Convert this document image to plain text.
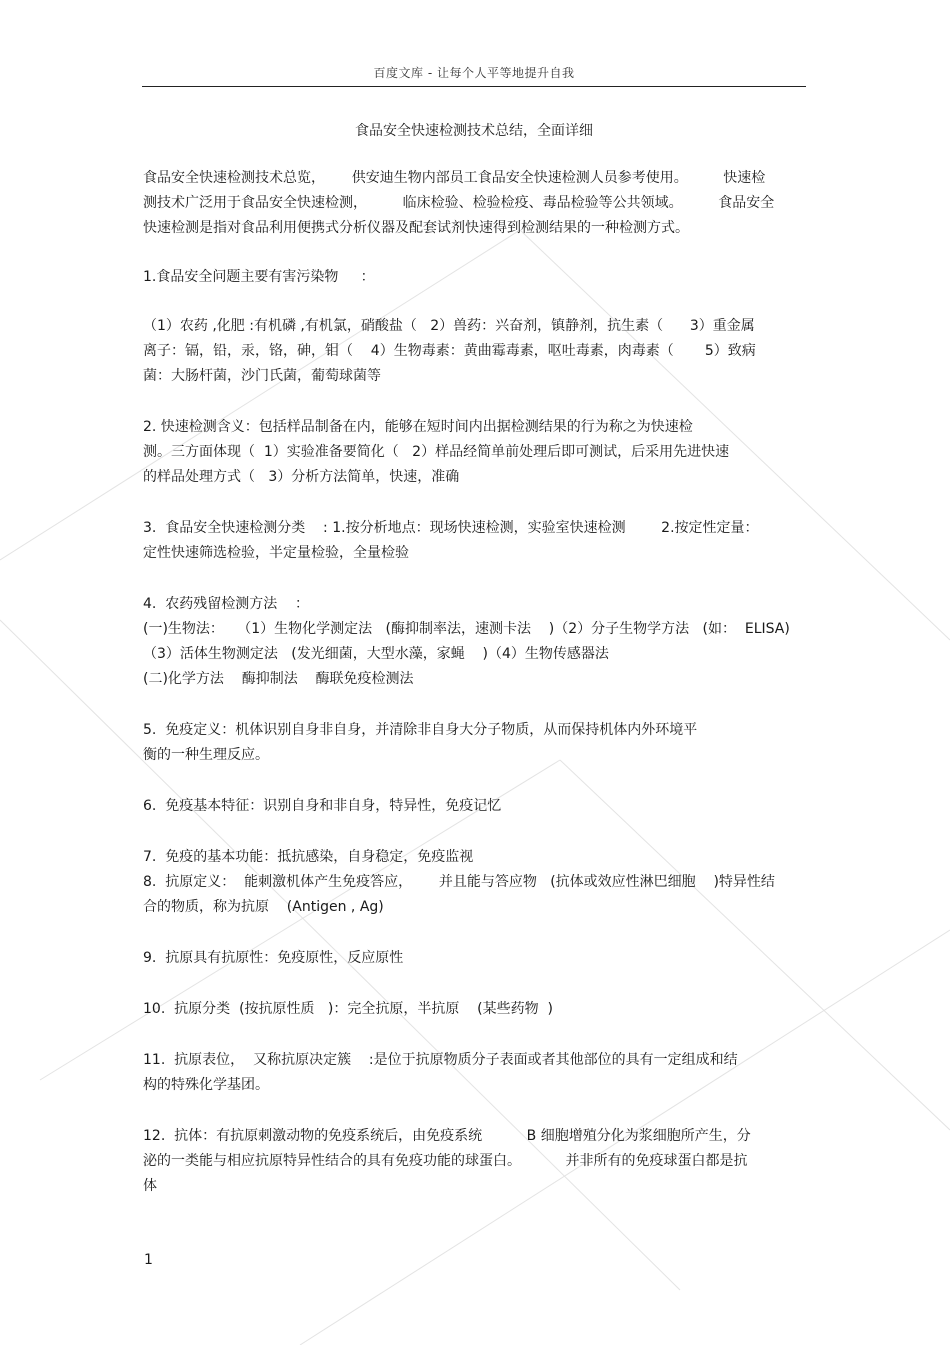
百度文库 - 让每个人平等地提升自我
食品安全快速检测技术总结，全面详细

食品安全快速检测技术总览，      供安迪生物内部员工食品安全快速检测人员参考使用。        快速检

测技术广泛用于食品安全快速检测，        临床检验、检验检疫、毒品检验等公共领域。        食品安全

快速检测是指对食品利用便携式分析仪器及配套试剂快速得到检测结果的一种检测方式。

1.食品安全问题主要有害污染物     ：

（1）农药 ,化肥 :有机磷 ,有机氯，硝酸盐（   2）兽药：兴奋剂，镇静剂，抗生素（      3）重金属

离子：镉，铅，汞，铬，砷，钼（    4）生物毒素：黄曲霉毒素，呕吐毒素，肉毒素（       5）致病

菌：大肠杆菌，沙门氏菌，葡萄球菌等

2. 快速检测含义：包括样品制备在内，能够在短时间内出据检测结果的行为称之为快速检

测。三方面体现（  1）实验准备要简化（   2）样品经简单前处理后即可测试，后采用先进快速

的样品处理方式（   3）分析方法简单，快速，准确

3.  食品安全快速检测分类    : 1.按分析地点：现场快速检测，实验室快速检测        2.按定性定量：

定性快速筛选检验，半定量检验，全量检验

4.  农药残留检测方法    ：

(一)生物法：   （1）生物化学测定法   (酶抑制率法，速测卡法    )（2）分子生物学方法   (如：  ELISA)

（3）活体生物测定法   (发光细菌，大型水藻，家蝇    )（4）生物传感器法

(二)化学方法    酶抑制法    酶联免疫检测法

5.  免疫定义：机体识别自身非自身，并清除非自身大分子物质，从而保持机体内外环境平

衡的一种生理反应。

6.  免疫基本特征：识别自身和非自身，特异性，免疫记忆

7.  免疫的基本功能：抵抗感染，自身稳定，免疫监视

8.  抗原定义：  能刺激机体产生免疫答应，      并且能与答应物   (抗体或效应性淋巴细胞    )特异性结

合的物质，称为抗原    (Antigen , Ag)

9.  抗原具有抗原性：免疫原性，反应原性

10.  抗原分类  (按抗原性质   )：完全抗原，半抗原    (某些药物  )

11.  抗原表位，  又称抗原决定簇    :是位于抗原物质分子表面或者其他部位的具有一定组成和结

构的特殊化学基团。

12.  抗体：有抗原刺激动物的免疫系统后，由免疫系统          B 细胞增殖分化为浆细胞所产生，分

泌的一类能与相应抗原特异性结合的具有免疫功能的球蛋白。          并非所有的免疫球蛋白都是抗

体

1
